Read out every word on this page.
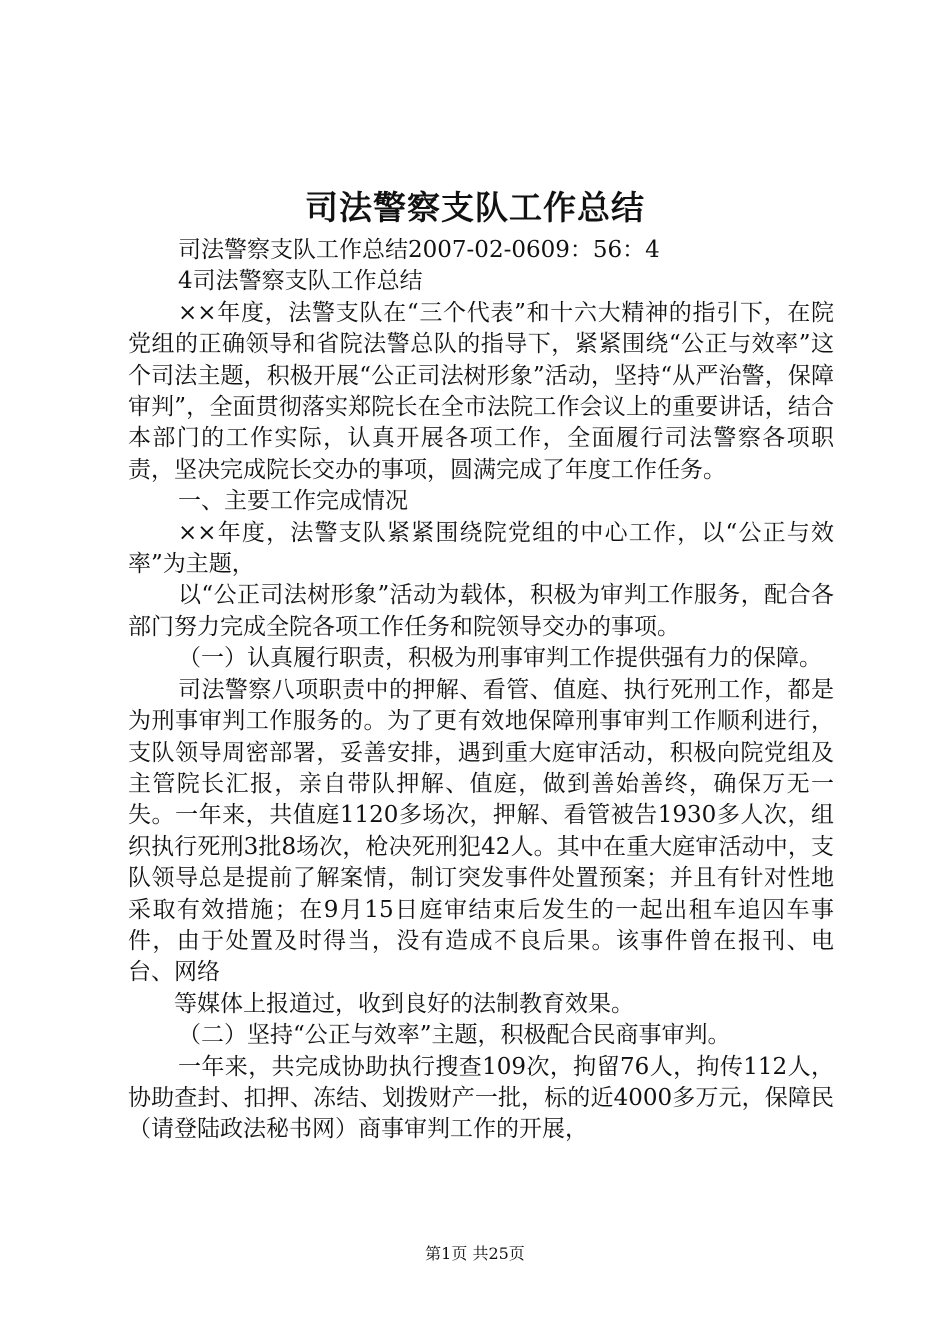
司法警察支队工作总结

司法警察支队工作总结2007-02-0609：56：4

4司法警察支队工作总结

××年度，法警支队在“三个代表”和十六大精神的指引下，在院党组的正确领导和省院法警总队的指导下，紧紧围绕“公正与效率”这个司法主题，积极开展“公正司法树形象”活动，坚持“从严治警，保障审判”，全面贯彻落实郑院长在全市法院工作会议上的重要讲话，结合本部门的工作实际，认真开展各项工作，全面履行司法警察各项职责，坚决完成院长交办的事项，圆满完成了年度工作任务。

一、主要工作完成情况

××年度，法警支队紧紧围绕院党组的中心工作，以“公正与效率”为主题，

以“公正司法树形象”活动为载体，积极为审判工作服务，配合各部门努力完成全院各项工作任务和院领导交办的事项。

（一）认真履行职责，积极为刑事审判工作提供强有力的保障。

司法警察八项职责中的押解、看管、值庭、执行死刑工作，都是为刑事审判工作服务的。为了更有效地保障刑事审判工作顺利进行，支队领导周密部署，妥善安排，遇到重大庭审活动，积极向院党组及主管院长汇报，亲自带队押解、值庭，做到善始善终，确保万无一失。一年来，共值庭1120多场次，押解、看管被告1930多人次，组织执行死刑3批8场次，枪决死刑犯42人。其中在重大庭审活动中，支队领导总是提前了解案情，制订突发事件处置预案；并且有针对性地采取有效措施；在9月15日庭审结束后发生的一起出租车追囚车事件，由于处置及时得当，没有造成不良后果。该事件曾在报刊、电台、网络

等媒体上报道过，收到良好的法制教育效果。

（二）坚持“公正与效率”主题，积极配合民商事审判。

一年来，共完成协助执行搜查109次，拘留76人，拘传112人，协助查封、扣押、冻结、划拨财产一批，标的近4000多万元，保障民（请登陆政法秘书网）商事审判工作的开展，

第1页 共25页
